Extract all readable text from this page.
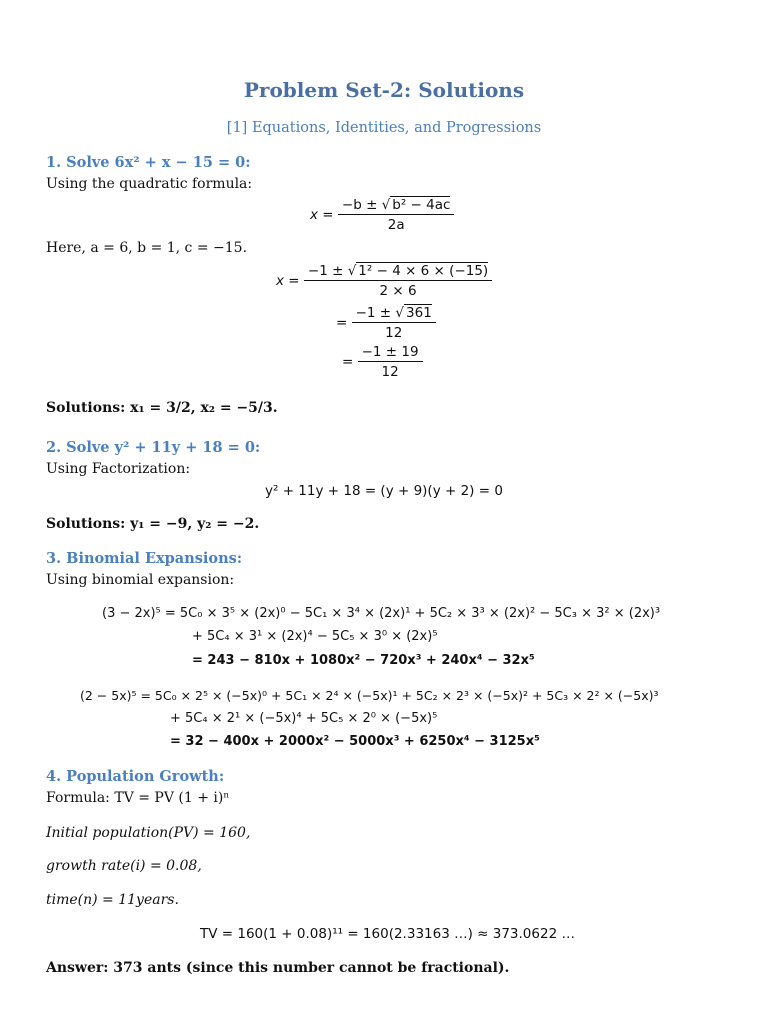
Problem Set-2: Solutions
[1] Equations, Identities, and Progressions
1. Solve 6x² + x − 15 = 0:
Using the quadratic formula:
$x = \frac{\text{−b ± √ b² − 4ac}}{2a}$
Here, a = 6, b = 1, c = −15.
$x = \frac{\text{−1 ± √ 1² − 4 × 6 × (−15)}}{2 \times 6}$
= $\frac{-1 \pm √ 361}{12}$
= $\frac{-1 \pm 19}{12}$
Solutions: x₁ = 3/2, x₂ = −5/3.
2. Solve y² + 11y + 18 = 0:
Using Factorization:
y² + 11y + 18 = (y + 9)(y + 2) = 0
Solutions: y₁ = −9, y₂ = −2.
3. Binomial Expansions:
Using binomial expansion:
(3 − 2x)⁵ = 5C₀ × 3⁵ × (2x)⁰ − 5C₁ × 3⁴ × (2x)¹ + 5C₂ × 3³ × (2x)² − 5C₃ × 3² × (2x)³
+ 5C₄ × 3¹ × (2x)⁴ − 5C₅ × 3⁰ × (2x)⁵
= 243 − 810x + 1080x² − 720x³ + 240x⁴ − 32x⁵
(2 − 5x)⁵ = 5C₀ × 2⁵ × (−5x)⁰ + 5C₁ × 2⁴ × (−5x)¹ + 5C₂ × 2³ × (−5x)² + 5C₃ × 2² × (−5x)³
+ 5C₄ × 2¹ × (−5x)⁴ + 5C₅ × 2⁰ × (−5x)⁵
= 32 − 400x + 2000x² − 5000x³ + 6250x⁴ − 3125x⁵
4. Population Growth:
Formula: TV = PV (1 + i)ⁿ
Initial population(PV) = 160,
growth rate(i) = 0.08,
time(n) = 11years.
TV = 160(1 + 0.08)¹¹ = 160(2.33163 …) ≈ 373.0622 …
Answer: 373 ants (since this number cannot be fractional).
